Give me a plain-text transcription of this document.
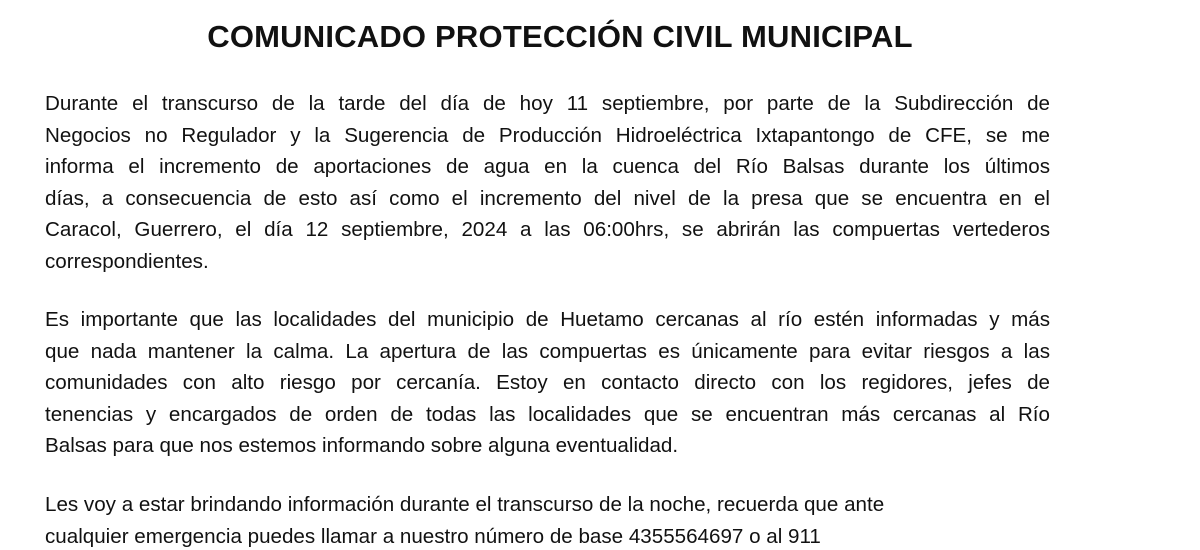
COMUNICADO PROTECCIÓN CIVIL MUNICIPAL
Durante el transcurso de la tarde del día de hoy 11 septiembre, por parte de la Subdirección de
Negocios no Regulador y la Sugerencia de Producción Hidroeléctrica Ixtapantongo de CFE, se me
informa el incremento de aportaciones de agua en la cuenca del Río Balsas durante los últimos
días, a consecuencia de esto así como el incremento del nivel de la presa que se encuentra en el
Caracol, Guerrero, el día 12 septiembre, 2024 a las 06:00hrs, se abrirán las compuertas vertederos
correspondientes.
Es importante que las localidades del municipio de Huetamo cercanas al río estén informadas y más
que nada mantener la calma. La apertura de las compuertas es únicamente para evitar riesgos a las
comunidades con alto riesgo por cercanía. Estoy en contacto directo con los regidores, jefes de
tenencias y encargados de orden de todas las localidades que se encuentran más cercanas al Río
Balsas para que nos estemos informando sobre alguna eventualidad.
Les voy a estar brindando información durante el transcurso de la noche, recuerda que ante
cualquier emergencia puedes llamar a nuestro número de base 4355564697 o al 911
